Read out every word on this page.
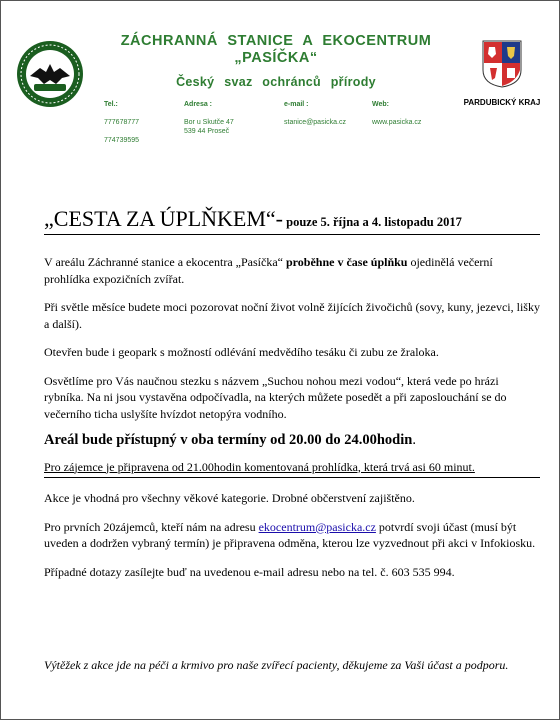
ZÁCHRANNÁ STANICE A EKOCENTRUM
„PASÍČKA“
Český svaz ochránců přírody
Tel.:
777678777
774739595
Adresa :
Bor u Skutče 47
539 44 Proseč
e-mail :
stanice@pasicka.cz
Web:
www.pasicka.cz
PARDUBICKÝ KRAJ
„CESTA ZA ÚPLŇKEM“- pouze 5. října a 4. listopadu 2017

V areálu Záchranné stanice a ekocentra „Pasíčka“ proběhne v čase úplňku ojedinělá večerní prohlídka expozičních zvířat.

Při světle měsíce budete moci pozorovat noční život volně žijících živočichů (sovy, kuny, jezevci, lišky a další).

Otevřen bude i geopark s možností odlévání medvědího tesáku či zubu ze žraloka.

Osvětlíme pro Vás naučnou stezku s názvem „Suchou nohou mezi vodou“, která vede po hrázi rybníka. Na ni jsou vystavěna odpočívadla, na kterých můžete posedět a při zaposlouchání se do večerního ticha uslyšíte hvízdot netopýra vodního.

Areál bude přístupný v oba termíny od 20.00 do 24.00hodin.

Pro zájemce je připravena od 21.00hodin komentovaná prohlídka, která trvá asi 60 minut.

Akce je vhodná pro všechny věkové kategorie. Drobné občerstvení zajištěno.

Pro prvních 20zájemců, kteří nám na adresu ekocentrum@pasicka.cz potvrdí svoji účast (musí být uveden a dodržen vybraný termín) je připravena odměna, kterou lze vyzvednout při akci v Infokiosku.

Případné dotazy zasílejte buď na uvedenou e-mail adresu nebo na tel. č. 603 535 994.

Výtěžek z akce jde na péči a krmivo pro naše zvířecí pacienty, děkujeme za Vaši účast a podporu.
